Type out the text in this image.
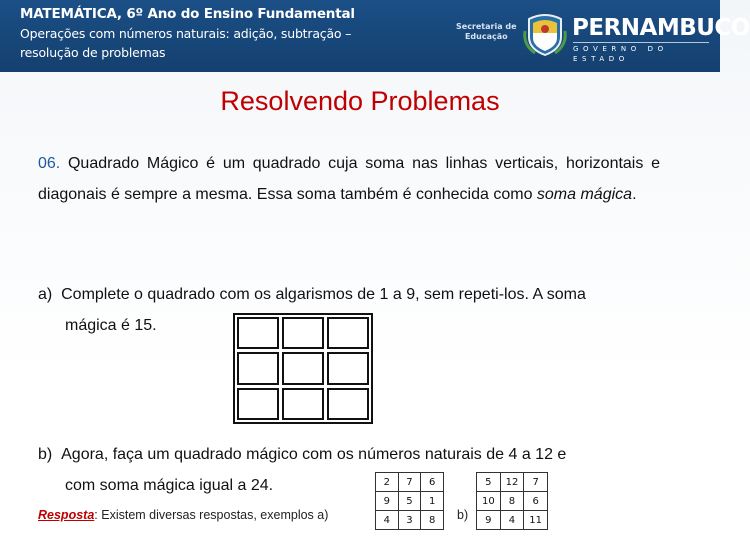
MATEMÁTICA, 6º Ano do Ensino Fundamental
Operações com números naturais: adição, subtração –
resolução de problemas
Secretaria de
Educação	PERNAMBUCO
GOVERNO DO ESTADO
Resolvendo Problemas
06. Quadrado Mágico é um quadrado cuja soma nas linhas verticais, horizontais e diagonais é sempre a mesma. Essa soma também é conhecida como soma mágica.
a) Complete o quadrado com os algarismos de 1 a 9, sem repeti-los. A soma
mágica é 15.
b) Agora, faça um quadrado mágico com os números naturais de 4 a 12 e
com soma mágica igual a 24.
Resposta: Existem diversas respostas, exemplos a)
2	7	6
9	5	1
4	3	8 b)
5	12	7
10	8	6
9	4	11
